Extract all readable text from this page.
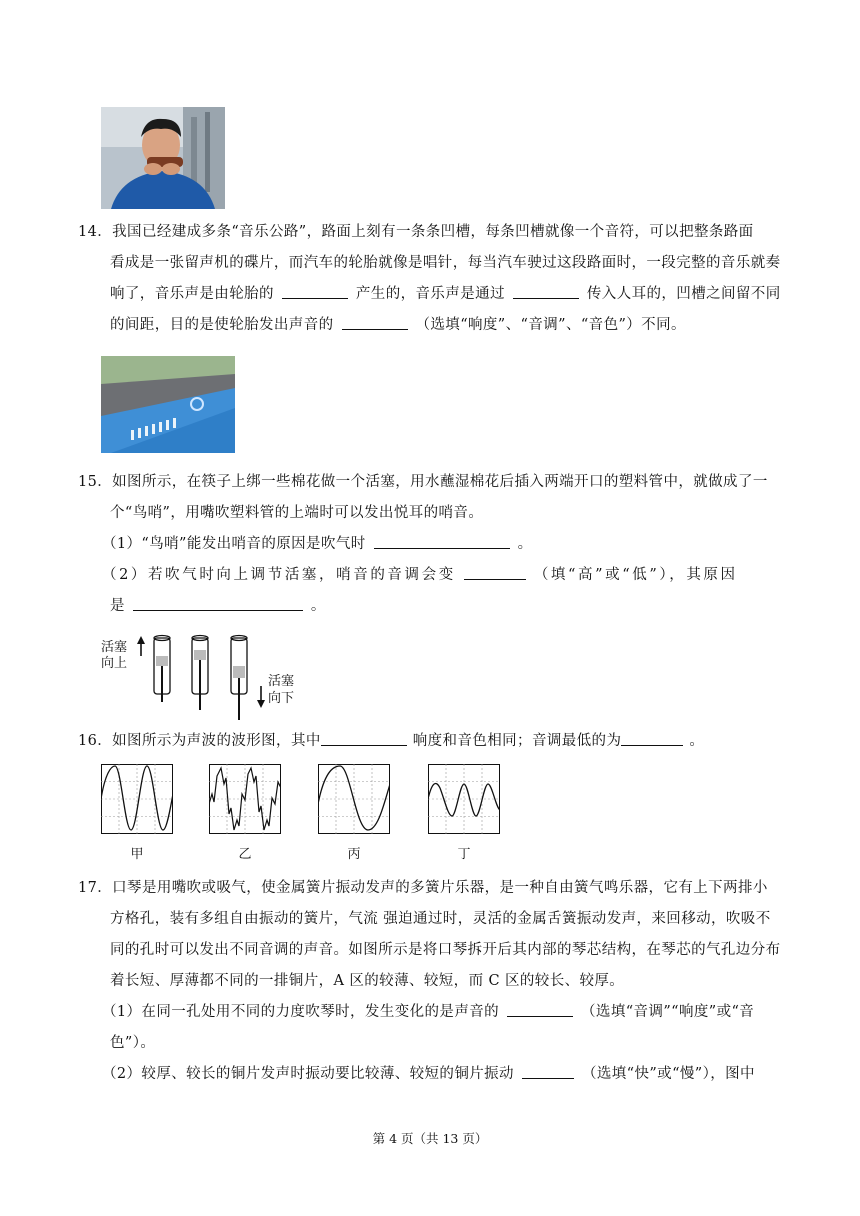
14．我国已经建成多条“音乐公路”，路面上刻有一条条凹槽，每条凹槽就像一个音符，可以把整条路面
看成是一张留声机的碟片，而汽车的轮胎就像是唱针，每当汽车驶过这段路面时，一段完整的音乐就奏
响了，音乐声是由轮胎的	产生的，音乐声是通过	传入人耳的，凹槽之间留不同
的间距，目的是使轮胎发出声音的	（选填“响度”、“音调”、“音色”）不同。
15．如图所示，在筷子上绑一些棉花做一个活塞，用水蘸湿棉花后插入两端开口的塑料管中，就做成了一
个“鸟哨”，用嘴吹塑料管的上端时可以发出悦耳的哨音。
（1）“鸟哨”能发出哨音的原因是吹气时	。
（2）若吹气时向上调节活塞，哨音的音调会变	（填“高”或“低”），其原因
是	。
活塞
向上
活塞
向下
16．如图所示为声波的波形图，其中	响度和音色相同；音调最低的为	。
甲	乙	丙	丁
17．口琴是用嘴吹或吸气，使金属簧片振动发声的多簧片乐器，是一种自由簧气鸣乐器，它有上下两排小
方格孔，装有多组自由振动的簧片，气流 强迫通过时，灵活的金属舌簧振动发声，来回移动，吹吸不
同的孔时可以发出不同音调的声音。如图所示是将口琴拆开后其内部的琴芯结构，在琴芯的气孔边分布
着长短、厚薄都不同的一排铜片，A 区的较薄、较短，而 C 区的较长、较厚。
（1）在同一孔处用不同的力度吹琴时，发生变化的是声音的	（选填“音调”“响度”或“音
色”）。
（2）较厚、较长的铜片发声时振动要比较薄、较短的铜片振动	（选填“快”或“慢”），图中
第 4 页（共 13 页）
